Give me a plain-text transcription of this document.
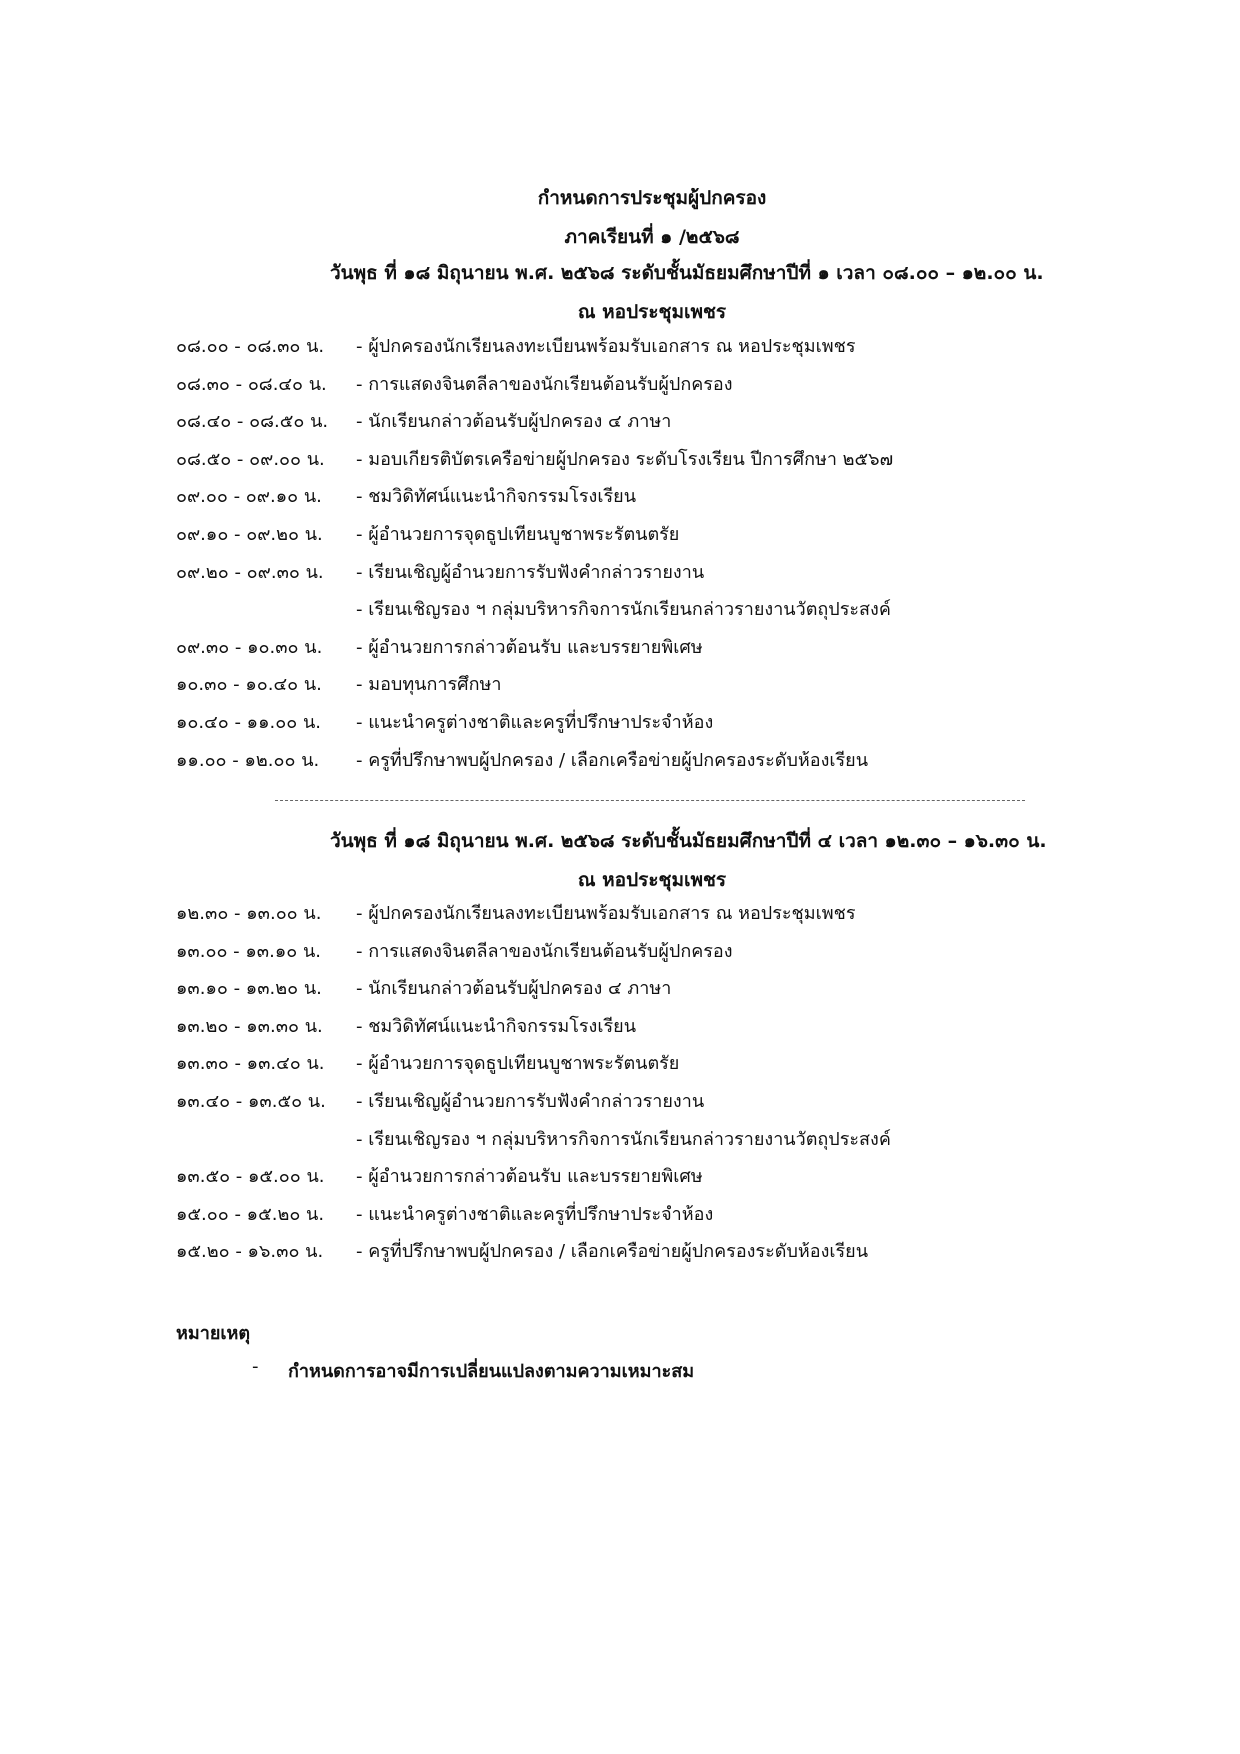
กำหนดการประชุมผู้ปกครอง
ภาคเรียนที่ ๑ /๒๕๖๘
วันพุธ ที่ ๑๘ มิถุนายน พ.ศ. ๒๕๖๘ ระดับชั้นมัธยมศึกษาปีที่ ๑ เวลา ๐๘.๐๐ – ๑๒.๐๐ น.
ณ หอประชุมเพชร
๐๘.๐๐ - ๐๘.๓๐ น.	- ผู้ปกครองนักเรียนลงทะเบียนพร้อมรับเอกสาร ณ หอประชุมเพชร
๐๘.๓๐ - ๐๘.๔๐ น.	- การแสดงจินตลีลาของนักเรียนต้อนรับผู้ปกครอง
๐๘.๔๐ - ๐๘.๕๐ น.	- นักเรียนกล่าวต้อนรับผู้ปกครอง ๔ ภาษา
๐๘.๕๐ - ๐๙.๐๐ น.	- มอบเกียรติบัตรเครือข่ายผู้ปกครอง ระดับโรงเรียน ปีการศึกษา ๒๕๖๗
๐๙.๐๐ - ๐๙.๑๐ น.	- ชมวิดิทัศน์แนะนำกิจกรรมโรงเรียน
๐๙.๑๐ - ๐๙.๒๐ น.	- ผู้อำนวยการจุดธูปเทียนบูชาพระรัตนตรัย
๐๙.๒๐ - ๐๙.๓๐ น.	- เรียนเชิญผู้อำนวยการรับฟังคำกล่าวรายงาน
- เรียนเชิญรอง ฯ กลุ่มบริหารกิจการนักเรียนกล่าวรายงานวัตถุประสงค์
๐๙.๓๐ - ๑๐.๓๐ น.	- ผู้อำนวยการกล่าวต้อนรับ และบรรยายพิเศษ
๑๐.๓๐ - ๑๐.๔๐ น.	- มอบทุนการศึกษา
๑๐.๔๐ - ๑๑.๐๐ น.	- แนะนำครูต่างชาติและครูที่ปรึกษาประจำห้อง
๑๑.๐๐ - ๑๒.๐๐ น.	- ครูที่ปรึกษาพบผู้ปกครอง / เลือกเครือข่ายผู้ปกครองระดับห้องเรียน
วันพุธ ที่ ๑๘ มิถุนายน พ.ศ. ๒๕๖๘ ระดับชั้นมัธยมศึกษาปีที่ ๔ เวลา ๑๒.๓๐ – ๑๖.๓๐ น.
ณ หอประชุมเพชร
๑๒.๓๐ - ๑๓.๐๐ น.	- ผู้ปกครองนักเรียนลงทะเบียนพร้อมรับเอกสาร ณ หอประชุมเพชร
๑๓.๐๐ - ๑๓.๑๐ น.	- การแสดงจินตลีลาของนักเรียนต้อนรับผู้ปกครอง
๑๓.๑๐ - ๑๓.๒๐ น.	- นักเรียนกล่าวต้อนรับผู้ปกครอง ๔ ภาษา
๑๓.๒๐ - ๑๓.๓๐ น.	- ชมวิดิทัศน์แนะนำกิจกรรมโรงเรียน
๑๓.๓๐ - ๑๓.๔๐ น.	- ผู้อำนวยการจุดธูปเทียนบูชาพระรัตนตรัย
๑๓.๔๐ - ๑๓.๕๐ น.	- เรียนเชิญผู้อำนวยการรับฟังคำกล่าวรายงาน
- เรียนเชิญรอง ฯ กลุ่มบริหารกิจการนักเรียนกล่าวรายงานวัตถุประสงค์
๑๓.๕๐ - ๑๕.๐๐ น.	- ผู้อำนวยการกล่าวต้อนรับ และบรรยายพิเศษ
๑๕.๐๐ - ๑๕.๒๐ น.	- แนะนำครูต่างชาติและครูที่ปรึกษาประจำห้อง
๑๕.๒๐ - ๑๖.๓๐ น.	- ครูที่ปรึกษาพบผู้ปกครอง / เลือกเครือข่ายผู้ปกครองระดับห้องเรียน
หมายเหตุ
- กำหนดการอาจมีการเปลี่ยนแปลงตามความเหมาะสม
